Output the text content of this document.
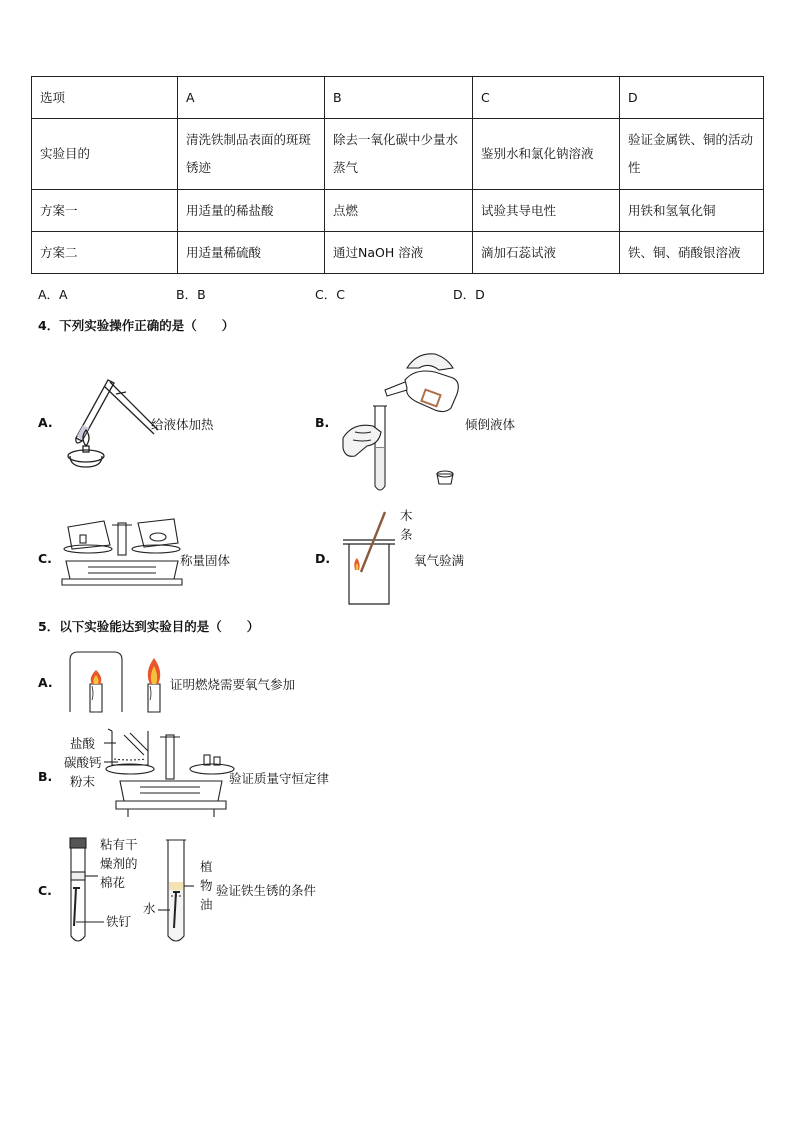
选项	A	B	C	D
实验目的	清洗铁制品表面的斑斑锈迹	除去一氧化碳中少量水蒸气	鉴别水和氯化钠溶液	验证金属铁、铜的活动性
方案一	用适量的稀盐酸	点燃	试验其导电性	用铁和氢氧化铜
方案二	用适量稀硫酸	通过NaOH 溶液	滴加石蕊试液	铁、铜、硝酸银溶液
A．A	B．B	C．C	D．D
4．下列实验操作正确的是（　　）
A.	给液体加热	B.	倾倒液体
C.	称量固体	D.
木
条
氧气验满
5．以下实验能达到实验目的是（　　）
A.	证明燃烧需要氧气参加
B.
盐酸
碳酸钙
粉末	验证质量守恒定律
C.
粘有干
燥剂的
棉花
铁钉
植
物
油
水
验证铁生锈的条件
